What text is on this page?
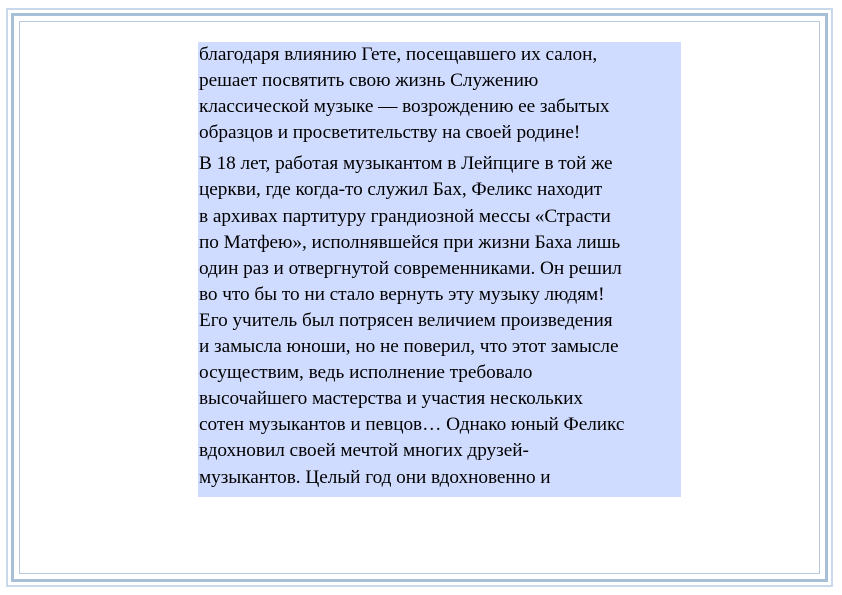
благодаря влиянию Гете, посещавшего их салон,
решает посвятить свою жизнь Служению
классической музыке — возрождению ее забытых
образцов и просветительству на своей родине!

В 18 лет, работая музыкантом в Лейпциге в той же
церкви, где когда-то служил Бах, Феликс находит
в архивах партитуру грандиозной мессы «Страсти
по Матфею», исполнявшейся при жизни Баха лишь
один раз и отвергнутой современниками. Он решил
во что бы то ни стало вернуть эту музыку людям!
Его учитель был потрясен величием произведения
и замысла юноши, но не поверил, что этот замысле
осуществим, ведь исполнение требовало
высочайшего мастерства и участия нескольких
сотен музыкантов и певцов… Однако юный Феликс
вдохновил своей мечтой многих друзей-
музыкантов. Целый год они вдохновенно и
